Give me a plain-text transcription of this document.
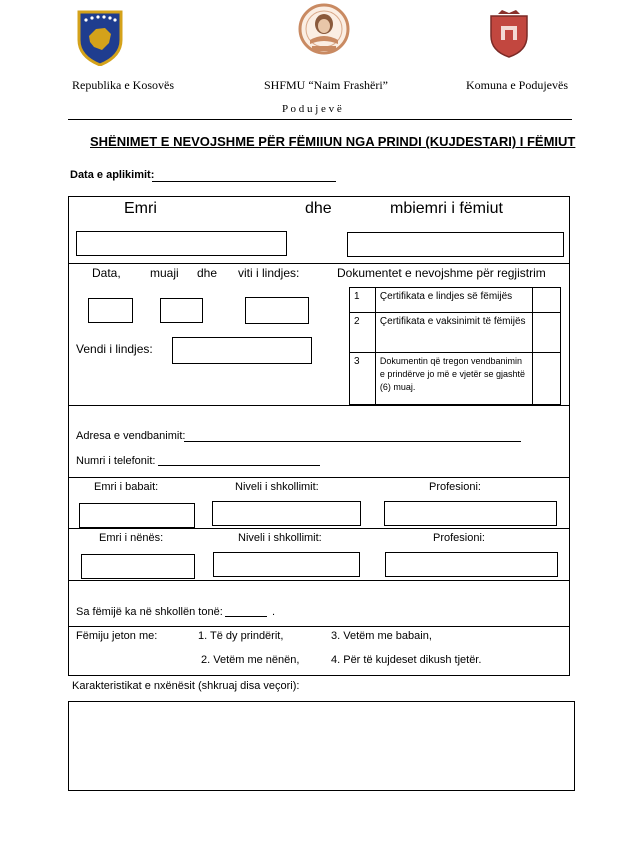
Republika e Kosovës	SHFMU “Naim Frashëri”	Komuna e Podujevës
P o d u j e v ë
SHËNIMET E NEVOJSHME PËR FËMIIUN NGA PRINDI (KUJDESTARI) I FËMIUT
Data e aplikimit:
Emri	dhe	mbiemri i fëmiut
Data, muaji dhe viti i lindjes:
Vendi i lindjes:
Dokumentet e nevojshme për regjistrim
1	Çertifikata e lindjes së fëmijës	
2	Çertifikata e vaksinimit të fëmijës	
3	Dokumentin që tregon vendbanimin e prindërve jo më e vjetër se gjashtë (6) muaj.	
Adresa e vendbanimit:
Numri i telefonit:
Emri i babait:	Niveli i shkollimit:	Profesioni:
Emri i nënës:	Niveli i shkollimit:	Profesioni:
Sa fëmijë ka në shkollën tonë:	.
Fëmiju jeton me:	1. Të dy prindërit,	3. Vetëm me babain,
2. Vetëm me nënën,	4. Për të kujdeset dikush tjetër.
Karakteristikat e nxënësit (shkruaj disa veçori):
